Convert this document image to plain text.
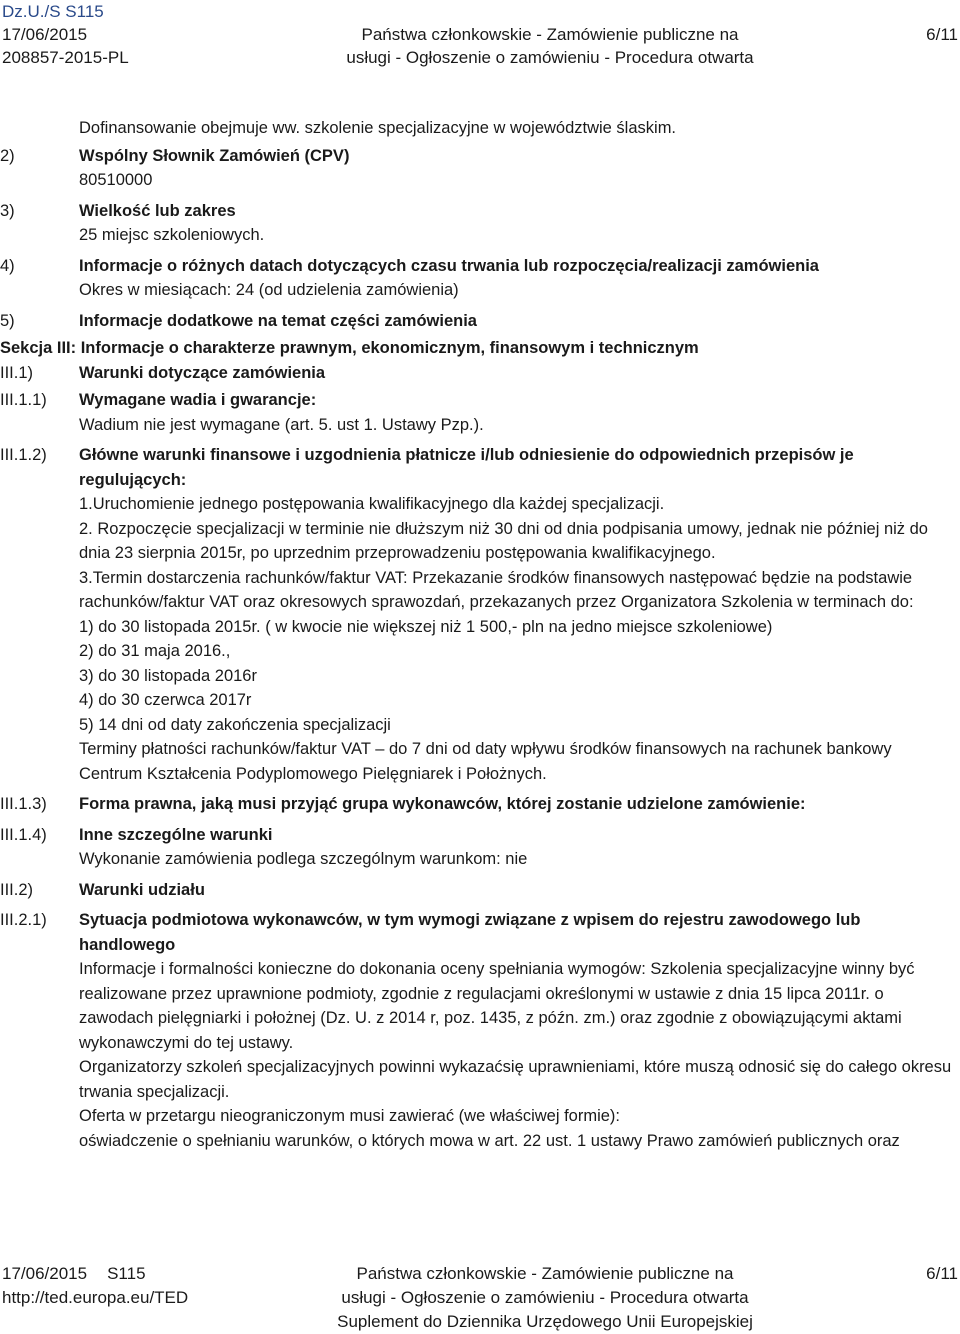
Dz.U./S S115
17/06/2015
208857-2015-PL
Państwa członkowskie - Zamówienie publiczne na
usługi - Ogłoszenie o zamówieniu - Procedura otwarta
6/11
Dofinansowanie obejmuje ww. szkolenie specjalizacyjne w województwie ślaskim.
2)	Wspólny Słownik Zamówień (CPV)
80510000
3)	Wielkość lub zakres
25 miejsc szkoleniowych.
4)	Informacje o różnych datach dotyczących czasu trwania lub rozpoczęcia/realizacji zamówienia
Okres w miesiącach: 24 (od udzielenia zamówienia)
5)	Informacje dodatkowe na temat części zamówienia
Sekcja III: Informacje o charakterze prawnym, ekonomicznym, finansowym i technicznym
III.1)	Warunki dotyczące zamówienia
III.1.1)	Wymagane wadia i gwarancje:
Wadium nie jest wymagane (art. 5. ust 1. Ustawy Pzp.).
III.1.2)	Główne warunki finansowe i uzgodnienia płatnicze i/lub odniesienie do odpowiednich przepisów je regulujących:
1.Uruchomienie jednego postępowania kwalifikacyjnego dla każdej specjalizacji.
2. Rozpoczęcie specjalizacji w terminie nie dłuższym niż 30 dni od dnia podpisania umowy, jednak nie później niż do dnia 23 sierpnia 2015r, po uprzednim przeprowadzeniu postępowania kwalifikacyjnego.
3.Termin dostarczenia rachunków/faktur VAT: Przekazanie środków finansowych następować będzie na podstawie rachunków/faktur VAT oraz okresowych sprawozdań, przekazanych przez Organizatora Szkolenia w terminach do:
1) do 30 listopada 2015r. ( w kwocie nie większej niż 1 500,- pln na jedno miejsce szkoleniowe)
2) do 31 maja 2016.,
3) do 30 listopada 2016r
4) do 30 czerwca 2017r
5) 14 dni od daty zakończenia specjalizacji
Terminy płatności rachunków/faktur VAT – do 7 dni od daty wpływu środków finansowych na rachunek bankowy Centrum Kształcenia Podyplomowego Pielęgniarek i Położnych.
III.1.3)	Forma prawna, jaką musi przyjąć grupa wykonawców, której zostanie udzielone zamówienie:
III.1.4)	Inne szczególne warunki
Wykonanie zamówienia podlega szczególnym warunkom: nie
III.2)	Warunki udziału
III.2.1)	Sytuacja podmiotowa wykonawców, w tym wymogi związane z wpisem do rejestru zawodowego lub handlowego
Informacje i formalności konieczne do dokonania oceny spełniania wymogów: Szkolenia specjalizacyjne winny być realizowane przez uprawnione podmioty, zgodnie z regulacjami określonymi w ustawie z dnia 15 lipca 2011r. o zawodach pielęgniarki i położnej (Dz. U. z 2014 r, poz. 1435, z późn. zm.) oraz zgodnie z obowiązującymi aktami wykonawczymi do tej ustawy.
Organizatorzy szkoleń specjalizacyjnych powinni wykazaćsię uprawnieniami, które muszą odnosić się do całego okresu trwania specjalizacji.
Oferta w przetargu nieograniczonym musi zawierać (we właściwej formie):
oświadczenie o spełnianiu warunków, o których mowa w art. 22 ust. 1 ustawy Prawo zamówień publicznych oraz
17/06/2015 S115
http://ted.europa.eu/TED
Państwa członkowskie - Zamówienie publiczne na
usługi - Ogłoszenie o zamówieniu - Procedura otwarta
Suplement do Dziennika Urzędowego Unii Europejskiej
6/11
